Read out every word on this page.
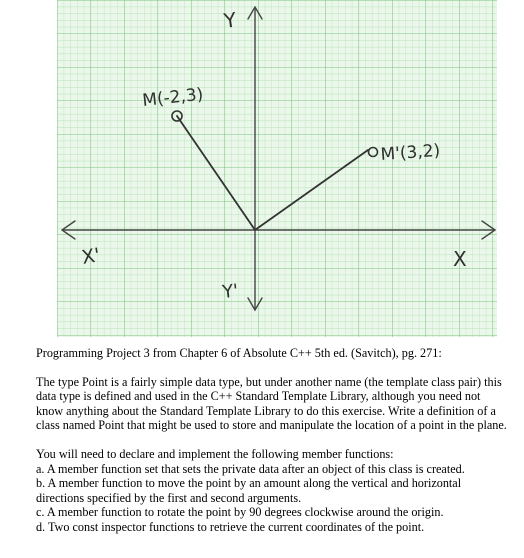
Y
Y'
X
X'
M(-2,3)
M'(3,2)

Programming Project 3 from Chapter 6 of Absolute C++ 5th ed. (Savitch), pg. 271:

The type Point is a fairly simple data type, but under another name (the template class pair) this

data type is defined and used in the C++ Standard Template Library, although you need not

know anything about the Standard Template Library to do this exercise. Write a definition of a

class named Point that might be used to store and manipulate the location of a point in the plane.

You will need to declare and implement the following member functions:

a. A member function set that sets the private data after an object of this class is created.

b. A member function to move the point by an amount along the vertical and horizontal

directions specified by the first and second arguments.

c. A member function to rotate the point by 90 degrees clockwise around the origin.

d. Two const inspector functions to retrieve the current coordinates of the point.
